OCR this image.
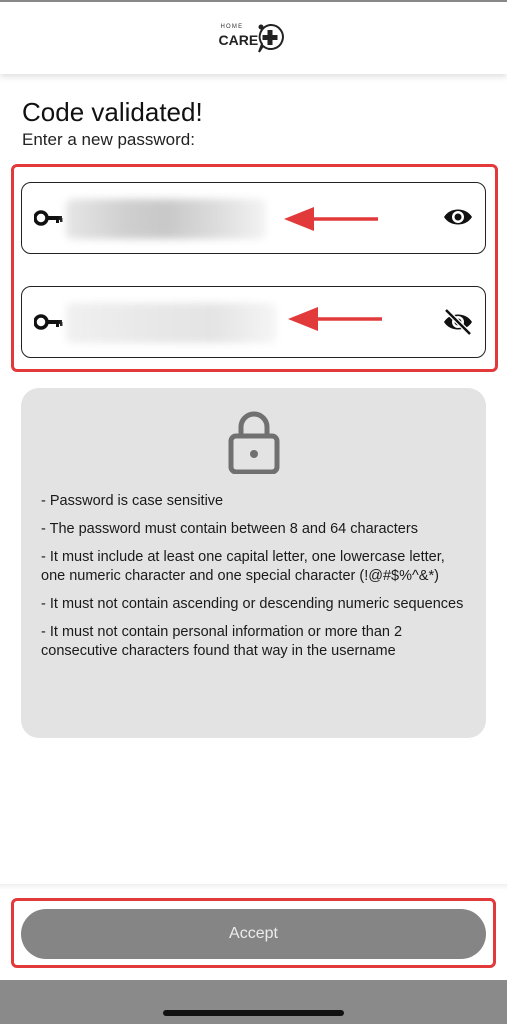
HOME
CARE
Code validated!
Enter a new password:
- Password is case sensitive
- The password must contain between 8 and 64 characters
- It must include at least one capital letter, one lowercase letter, one numeric character and one special character (!@#$%^&*)
- It must not contain ascending or descending numeric sequences
- It must not contain personal information or more than 2 consecutive characters found that way in the username
Accept
